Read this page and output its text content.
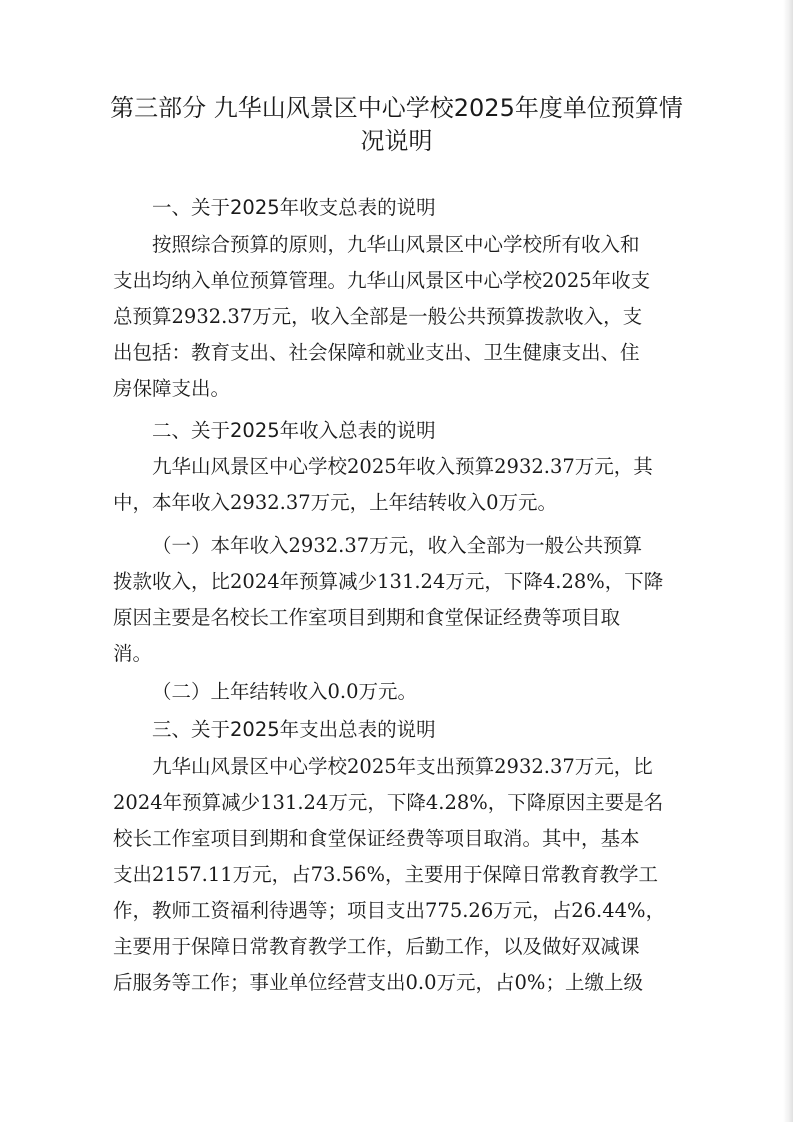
第三部分 九华山风景区中心学校2025年度单位预算情
况说明
一、关于2025年收支总表的说明

按照综合预算的原则，九华山风景区中心学校所有收入和

支出均纳入单位预算管理。九华山风景区中心学校2025年收支

总预算2932.37万元，收入全部是一般公共预算拨款收入，支

出包括：教育支出、社会保障和就业支出、卫生健康支出、住

房保障支出。

二、关于2025年收入总表的说明

九华山风景区中心学校2025年收入预算2932.37万元，其

中，本年收入2932.37万元，上年结转收入0万元。

（一）本年收入2932.37万元，收入全部为一般公共预算

拨款收入，比2024年预算减少131.24万元，下降4.28%，下降

原因主要是名校长工作室项目到期和食堂保证经费等项目取

消。

（二）上年结转收入0.0万元。

三、关于2025年支出总表的说明

九华山风景区中心学校2025年支出预算2932.37万元，比

2024年预算减少131.24万元，下降4.28%，下降原因主要是名

校长工作室项目到期和食堂保证经费等项目取消。其中，基本

支出2157.11万元，占73.56%，主要用于保障日常教育教学工

作，教师工资福利待遇等；项目支出775.26万元，占26.44%，

主要用于保障日常教育教学工作，后勤工作，以及做好双减课

后服务等工作；事业单位经营支出0.0万元，占0%；上缴上级
